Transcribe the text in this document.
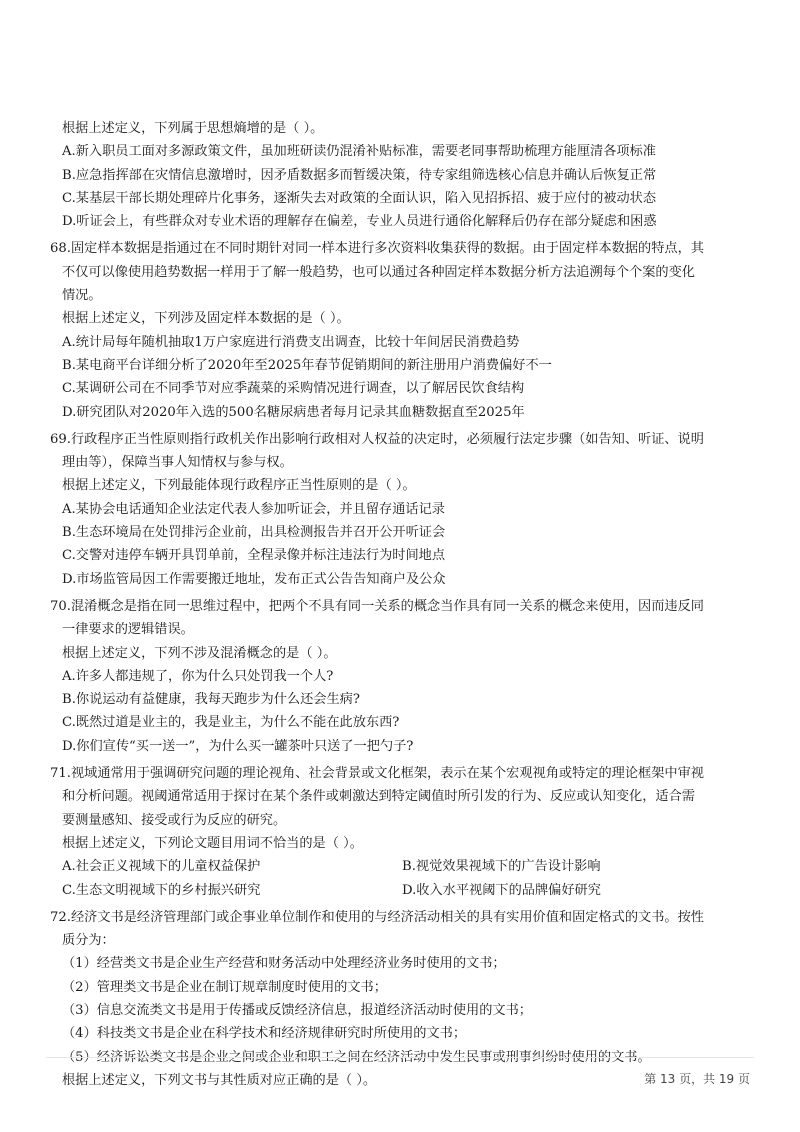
根据上述定义，下列属于思想熵增的是（ ）。
A.新入职员工面对多源政策文件，虽加班研读仍混淆补贴标准，需要老同事帮助梳理方能厘清各项标准
B.应急指挥部在灾情信息激增时，因矛盾数据多而暂缓决策，待专家组筛选核心信息并确认后恢复正常
C.某基层干部长期处理碎片化事务，逐渐失去对政策的全面认识，陷入见招拆招、疲于应付的被动状态
D.听证会上，有些群众对专业术语的理解存在偏差，专业人员进行通俗化解释后仍存在部分疑虑和困惑
68.固定样本数据是指通过在不同时期针对同一样本进行多次资料收集获得的数据。由于固定样本数据的特点，其
不仅可以像使用趋势数据一样用于了解一般趋势，也可以通过各种固定样本数据分析方法追溯每个个案的变化
情况。
根据上述定义，下列涉及固定样本数据的是（ ）。
A.统计局每年随机抽取1万户家庭进行消费支出调查，比较十年间居民消费趋势
B.某电商平台详细分析了2020年至2025年春节促销期间的新注册用户消费偏好不一
C.某调研公司在不同季节对应季蔬菜的采购情况进行调查，以了解居民饮食结构
D.研究团队对2020年入选的500名糖尿病患者每月记录其血糖数据直至2025年
69.行政程序正当性原则指行政机关作出影响行政相对人权益的决定时，必须履行法定步骤（如告知、听证、说明
理由等），保障当事人知情权与参与权。
根据上述定义，下列最能体现行政程序正当性原则的是（ ）。
A.某协会电话通知企业法定代表人参加听证会，并且留存通话记录
B.生态环境局在处罚排污企业前，出具检测报告并召开公开听证会
C.交警对违停车辆开具罚单前，全程录像并标注违法行为时间地点
D.市场监管局因工作需要搬迁地址，发布正式公告告知商户及公众
70.混淆概念是指在同一思维过程中，把两个不具有同一关系的概念当作具有同一关系的概念来使用，因而违反同
一律要求的逻辑错误。
根据上述定义，下列不涉及混淆概念的是（ ）。
A.许多人都违规了，你为什么只处罚我一个人?
B.你说运动有益健康，我每天跑步为什么还会生病?
C.既然过道是业主的，我是业主，为什么不能在此放东西?
D.你们宣传“买一送一”，为什么买一罐茶叶只送了一把勺子?
71.视域通常用于强调研究问题的理论视角、社会背景或文化框架，表示在某个宏观视角或特定的理论框架中审视
和分析问题。视阈通常适用于探讨在某个条件或刺激达到特定阈值时所引发的行为、反应或认知变化，适合需
要测量感知、接受或行为反应的研究。
根据上述定义，下列论文题目用词不恰当的是（ ）。
A.社会正义视域下的儿童权益保护	B.视觉效果视域下的广告设计影响
C.生态文明视域下的乡村振兴研究	D.收入水平视阈下的品牌偏好研究
72.经济文书是经济管理部门或企事业单位制作和使用的与经济活动相关的具有实用价值和固定格式的文书。按性
质分为：
（1）经营类文书是企业生产经营和财务活动中处理经济业务时使用的文书；
（2）管理类文书是企业在制订规章制度时使用的文书；
（3）信息交流类文书是用于传播或反馈经济信息，报道经济活动时使用的文书；
（4）科技类文书是企业在科学技术和经济规律研究时所使用的文书；
（5）经济诉讼类文书是企业之间或企业和职工之间在经济活动中发生民事或刑事纠纷时使用的文书。
根据上述定义，下列文书与其性质对应正确的是（ ）。	第 13 页，共 19 页
